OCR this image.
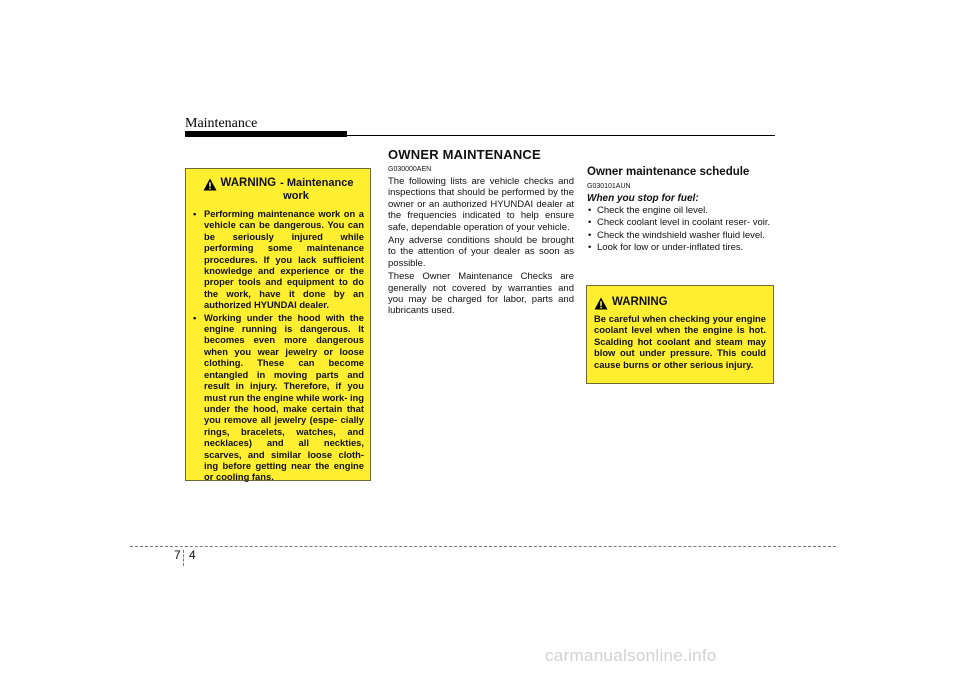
Maintenance
OWNER MAINTENANCE
WARNING - Maintenance
work
• Performing maintenance work on a vehicle can be dangerous. You can be seriously injured while performing some maintenance procedures. If you lack sufficient knowledge and experience or the proper tools and equipment to do the work, have it done by an authorized HYUNDAI dealer.
• Working under the hood with the engine running is dangerous. It becomes even more dangerous when you wear jewelry or loose clothing. These can become entangled in moving parts and result in injury. Therefore, if you must run the engine while work- ing under the hood, make certain that you remove all jewelry (espe- cially rings, bracelets, watches, and necklaces) and all neckties, scarves, and similar loose cloth- ing before getting near the engine or cooling fans.
G030000AEN

The following lists are vehicle checks and inspections that should be performed by the owner or an authorized HYUNDAI dealer at the frequencies indicated to help ensure safe, dependable operation of your vehicle.

Any adverse conditions should be brought to the attention of your dealer as soon as possible.

These Owner Maintenance Checks are generally not covered by warranties and you may be charged for labor, parts and lubricants used.

Owner maintenance schedule
G030101AUN
When you stop for fuel:
• Check the engine oil level.
• Check coolant level in coolant reser- voir.
• Check the windshield washer fluid level.
• Look for low or under-inflated tires.
WARNING
Be careful when checking your engine coolant level when the engine is hot. Scalding hot coolant and steam may blow out under pressure. This could cause burns or other serious injury.
7 4
carmanualsonline.info
